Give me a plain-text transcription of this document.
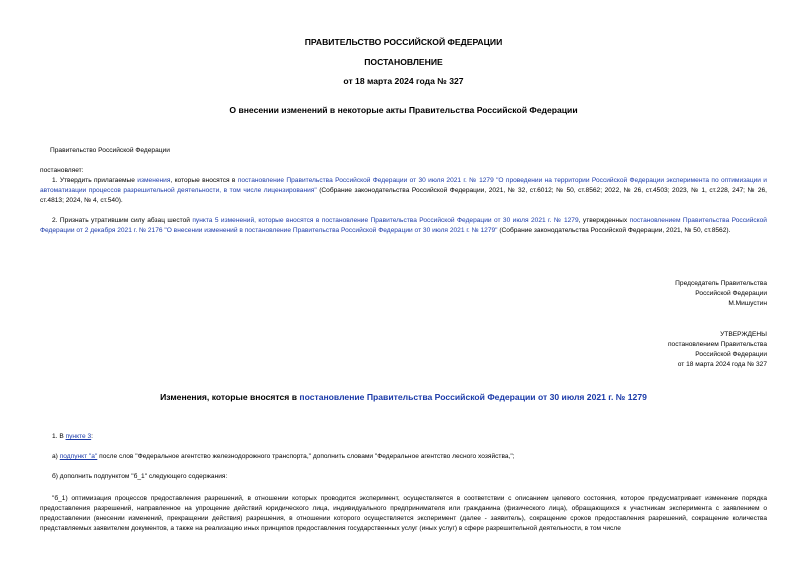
ПРАВИТЕЛЬСТВО РОССИЙСКОЙ ФЕДЕРАЦИИ
ПОСТАНОВЛЕНИЕ
от 18 марта 2024 года № 327
О внесении изменений в некоторые акты Правительства Российской Федерации
Правительство Российской Федерации
постановляет:
1. Утвердить прилагаемые изменения, которые вносятся в постановление Правительства Российской Федерации от 30 июля 2021 г. № 1279 "О проведении на территории Российской Федерации эксперимента по оптимизации и автоматизации процессов разрешительной деятельности, в том числе лицензирования" (Собрание законодательства Российской Федерации, 2021, № 32, ст.6012; № 50, ст.8562; 2022, № 26, ст.4503; 2023, № 1, ст.228, 247; № 26, ст.4813; 2024, № 4, ст.540).
2. Признать утратившим силу абзац шестой пункта 5 изменений, которые вносятся в постановление Правительства Российской Федерации от 30 июля 2021 г. № 1279, утвержденных постановлением Правительства Российской Федерации от 2 декабря 2021 г. № 2176 "О внесении изменений в постановление Правительства Российской Федерации от 30 июля 2021 г. № 1279" (Собрание законодательства Российской Федерации, 2021, № 50, ст.8562).
Председатель Правительства
Российской Федерации
М.Мишустин
УТВЕРЖДЕНЫ
постановлением Правительства
Российской Федерации
от 18 марта 2024 года № 327
Изменения, которые вносятся в постановление Правительства Российской Федерации от 30 июля 2021 г. № 1279
1. В пункте 3:
а) подпункт "а" после слов "Федеральное агентство железнодорожного транспорта," дополнить словами "Федеральное агентство лесного хозяйства,";
б) дополнить подпунктом "б_1" следующего содержания:
"б_1) оптимизация процессов предоставления разрешений, в отношении которых проводится эксперимент, осуществляется в соответствии с описанием целевого состояния, которое предусматривает изменение порядка предоставления разрешений, направленное на упрощение действий юридического лица, индивидуального предпринимателя или гражданина (физического лица), обращающихся к участникам эксперимента с заявлением о предоставлении (внесении изменений, прекращении действия) разрешения, в отношении которого осуществляется эксперимент (далее - заявитель), сокращение сроков предоставления разрешений, сокращение количества представляемых заявителем документов, а также на реализацию иных принципов предоставления государственных услуг (иных услуг) в сфере разрешительной деятельности, в том числе
